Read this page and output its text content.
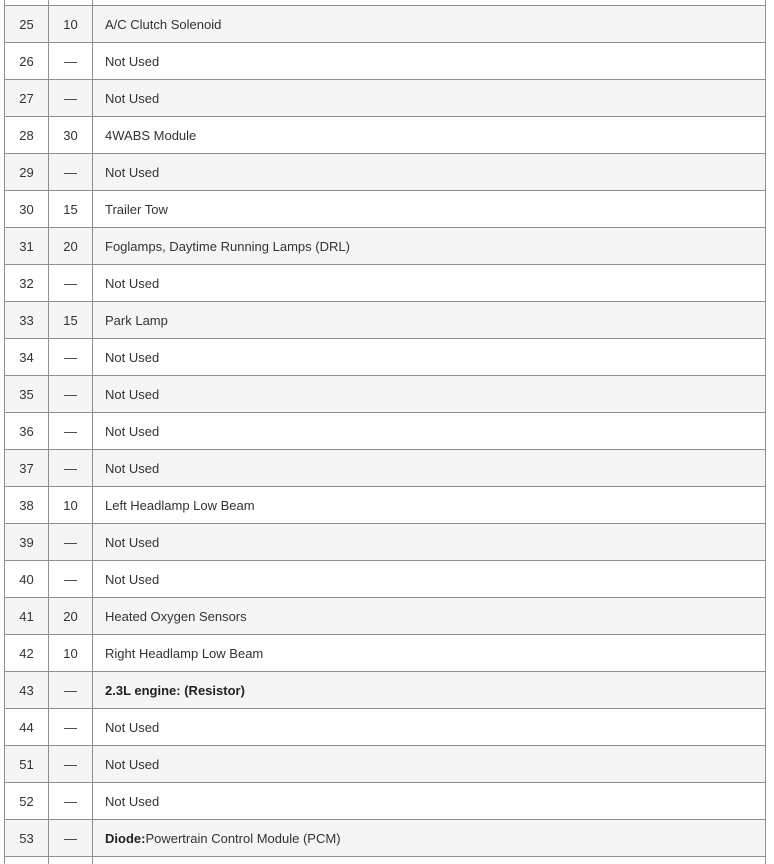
25 10 A/C Clutch Solenoid
26 — Not Used
27 — Not Used
28 30 4WABS Module
29 — Not Used
30 15 Trailer Tow
31 20 Foglamps, Daytime Running Lamps (DRL)
32 — Not Used
33 15 Park Lamp
34 — Not Used
35 — Not Used
36 — Not Used
37 — Not Used
38 10 Left Headlamp Low Beam
39 — Not Used
40 — Not Used
41 20 Heated Oxygen Sensors
42 10 Right Headlamp Low Beam
43 — 2.3L engine: (Resistor)
44 — Not Used
51 — Not Used
52 — Not Used
53 — Diode: Powertrain Control Module (PCM)
